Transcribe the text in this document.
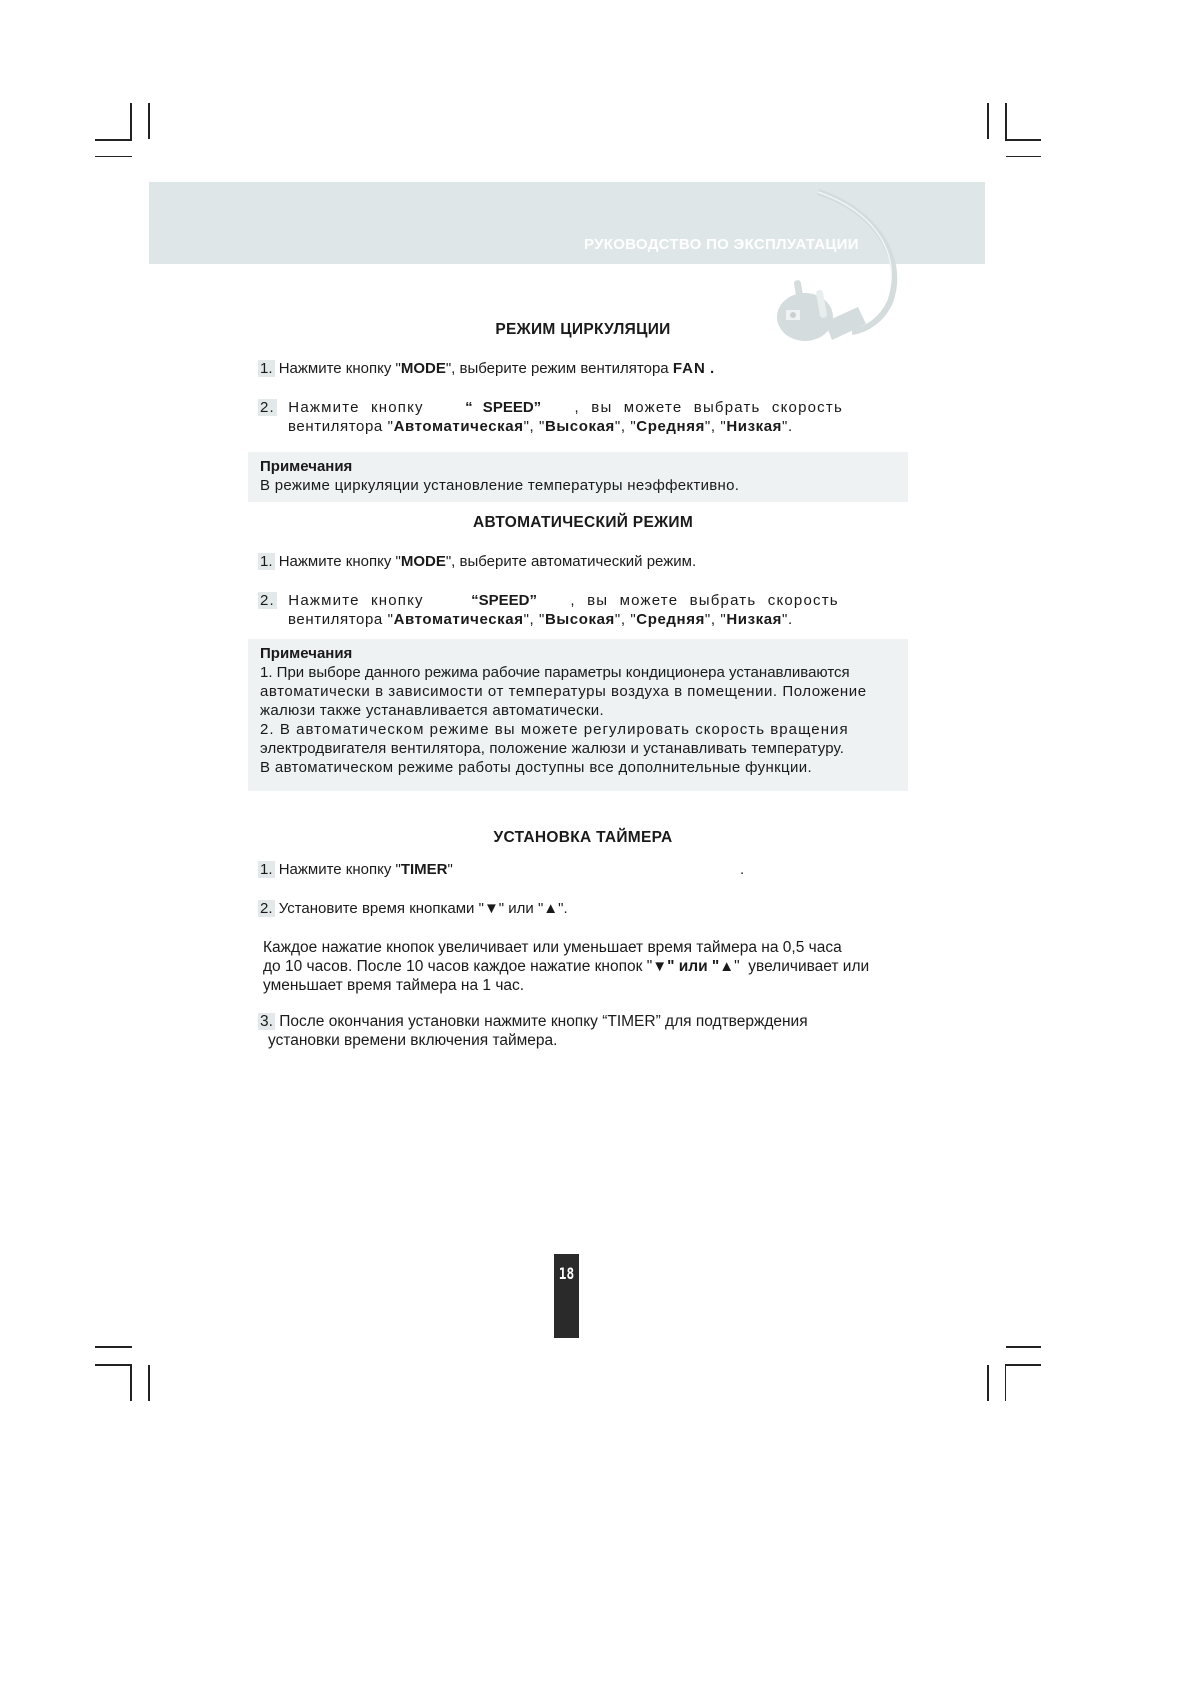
РУКОВОДСТВО ПО ЭКСПЛУАТАЦИИ
РЕЖИМ ЦИРКУЛЯЦИИ
1. Нажмите кнопку "MODE", выберите режим вентилятора FAN .
2. Нажмите кнопку	“ SPEED” , вы можете выбрать скорость
вентилятора "Автоматическая", "Высокая", "Средняя", "Низкая".
Примечания
В режиме циркуляции установление температуры неэффективно.
АВТОМАТИЧЕСКИЙ РЕЖИМ
1. Нажмите кнопку "MODE", выберите автоматический режим.
2. Нажмите кнопку	“SPEED” , вы можете выбрать скорость
вентилятора "Автоматическая", "Высокая", "Средняя", "Низкая".
Примечания
1. При выборе данного режима рабочие параметры кондиционера устанавливаются
автоматически в зависимости от температуры воздуха в помещении. Положение
жалюзи также устанавливается автоматически.
2. В автоматическом режиме вы можете регулировать скорость вращения
электродвигателя вентилятора, положение жалюзи и устанавливать температуру.
В автоматическом режиме работы доступны все дополнительные функции.
УСТАНОВКА ТАЙМЕРА
1. Нажмите кнопку "TIMER"	.
2. Установите время кнопками "▼" или "▲".
Каждое нажатие кнопок увеличивает или уменьшает время таймера на 0,5 часа
до 10 часов. После 10 часов каждое нажатие кнопок "▼" или "▲"  увеличивает или
уменьшает время таймера на 1 час.
3. После окончания установки нажмите кнопку “TIMER” для подтверждения
установки времени включения таймера.
18
